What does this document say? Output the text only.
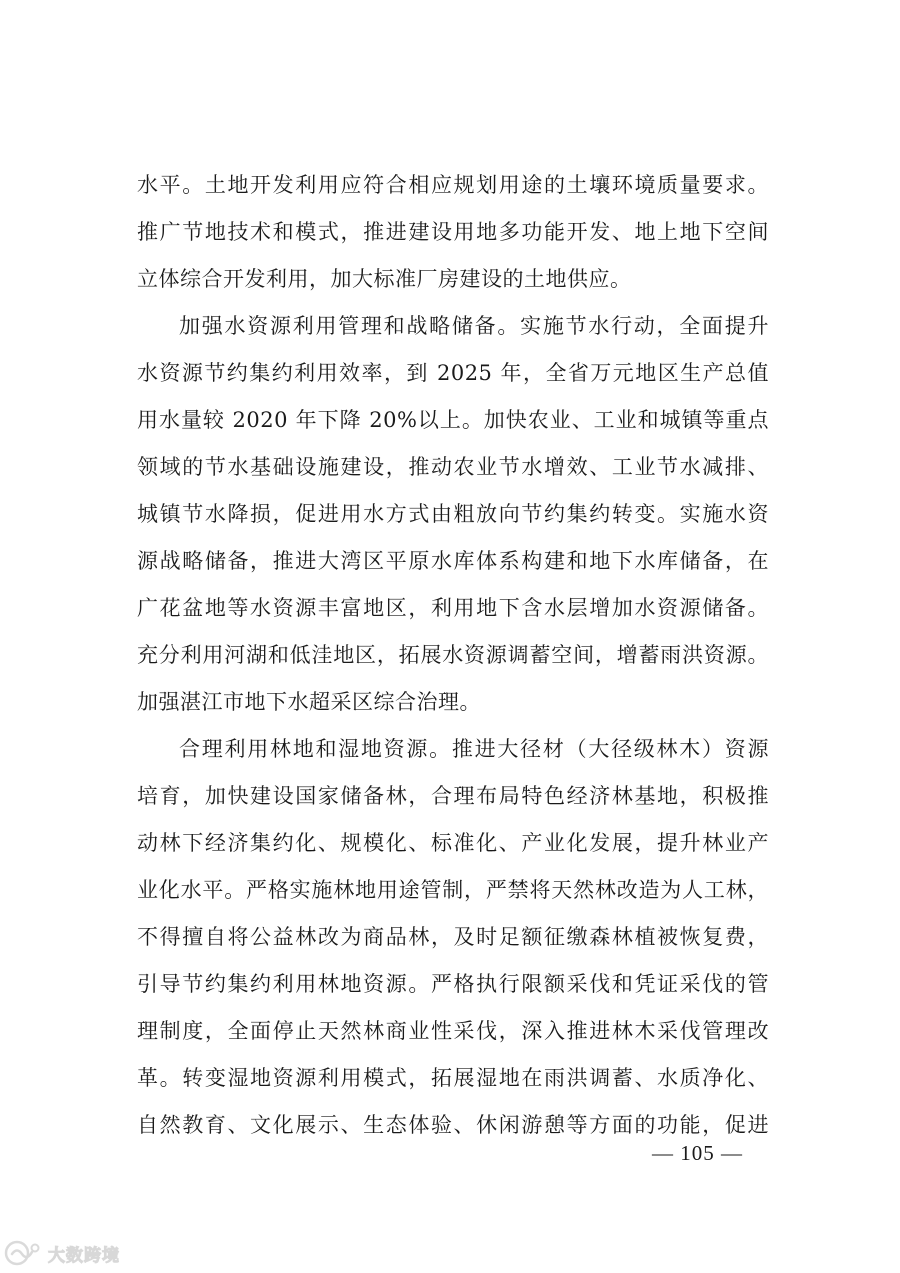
水平。土地开发利用应符合相应规划用途的土壤环境质量要求。
推广节地技术和模式，推进建设用地多功能开发、地上地下空间
立体综合开发利用，加大标准厂房建设的土地供应。
加强水资源利用管理和战略储备。实施节水行动，全面提升
水资源节约集约利用效率，到 2025 年，全省万元地区生产总值
用水量较 2020 年下降 20%以上。加快农业、工业和城镇等重点
领域的节水基础设施建设，推动农业节水增效、工业节水减排、
城镇节水降损，促进用水方式由粗放向节约集约转变。实施水资
源战略储备，推进大湾区平原水库体系构建和地下水库储备，在
广花盆地等水资源丰富地区，利用地下含水层增加水资源储备。
充分利用河湖和低洼地区，拓展水资源调蓄空间，增蓄雨洪资源。
加强湛江市地下水超采区综合治理。
合理利用林地和湿地资源。推进大径材（大径级林木）资源
培育，加快建设国家储备林，合理布局特色经济林基地，积极推
动林下经济集约化、规模化、标准化、产业化发展，提升林业产
业化水平。严格实施林地用途管制，严禁将天然林改造为人工林，
不得擅自将公益林改为商品林，及时足额征缴森林植被恢复费，
引导节约集约利用林地资源。严格执行限额采伐和凭证采伐的管
理制度，全面停止天然林商业性采伐，深入推进林木采伐管理改
革。转变湿地资源利用模式，拓展湿地在雨洪调蓄、水质净化、
自然教育、文化展示、生态体验、休闲游憩等方面的功能，促进
— 105 —
大数跨境
